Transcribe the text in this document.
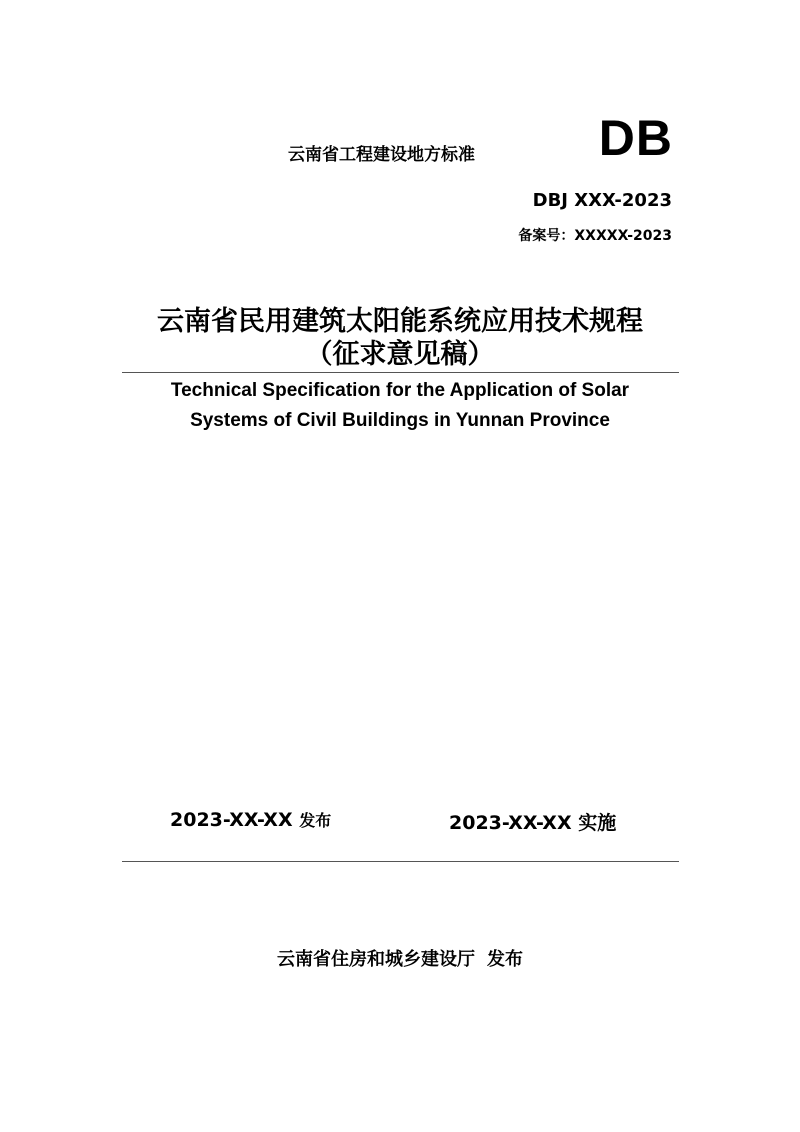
云南省工程建设地方标准 DB
DBJ XXX-2023
备案号：XXXXX-2023
云南省民用建筑太阳能系统应用技术规程
（征求意见稿）
Technical Specification for the Application of Solar
Systems of Civil Buildings in Yunnan Province
2023-XX-XX 发布	2023-XX-XX 实施
云南省住房和城乡建设厅 发布
